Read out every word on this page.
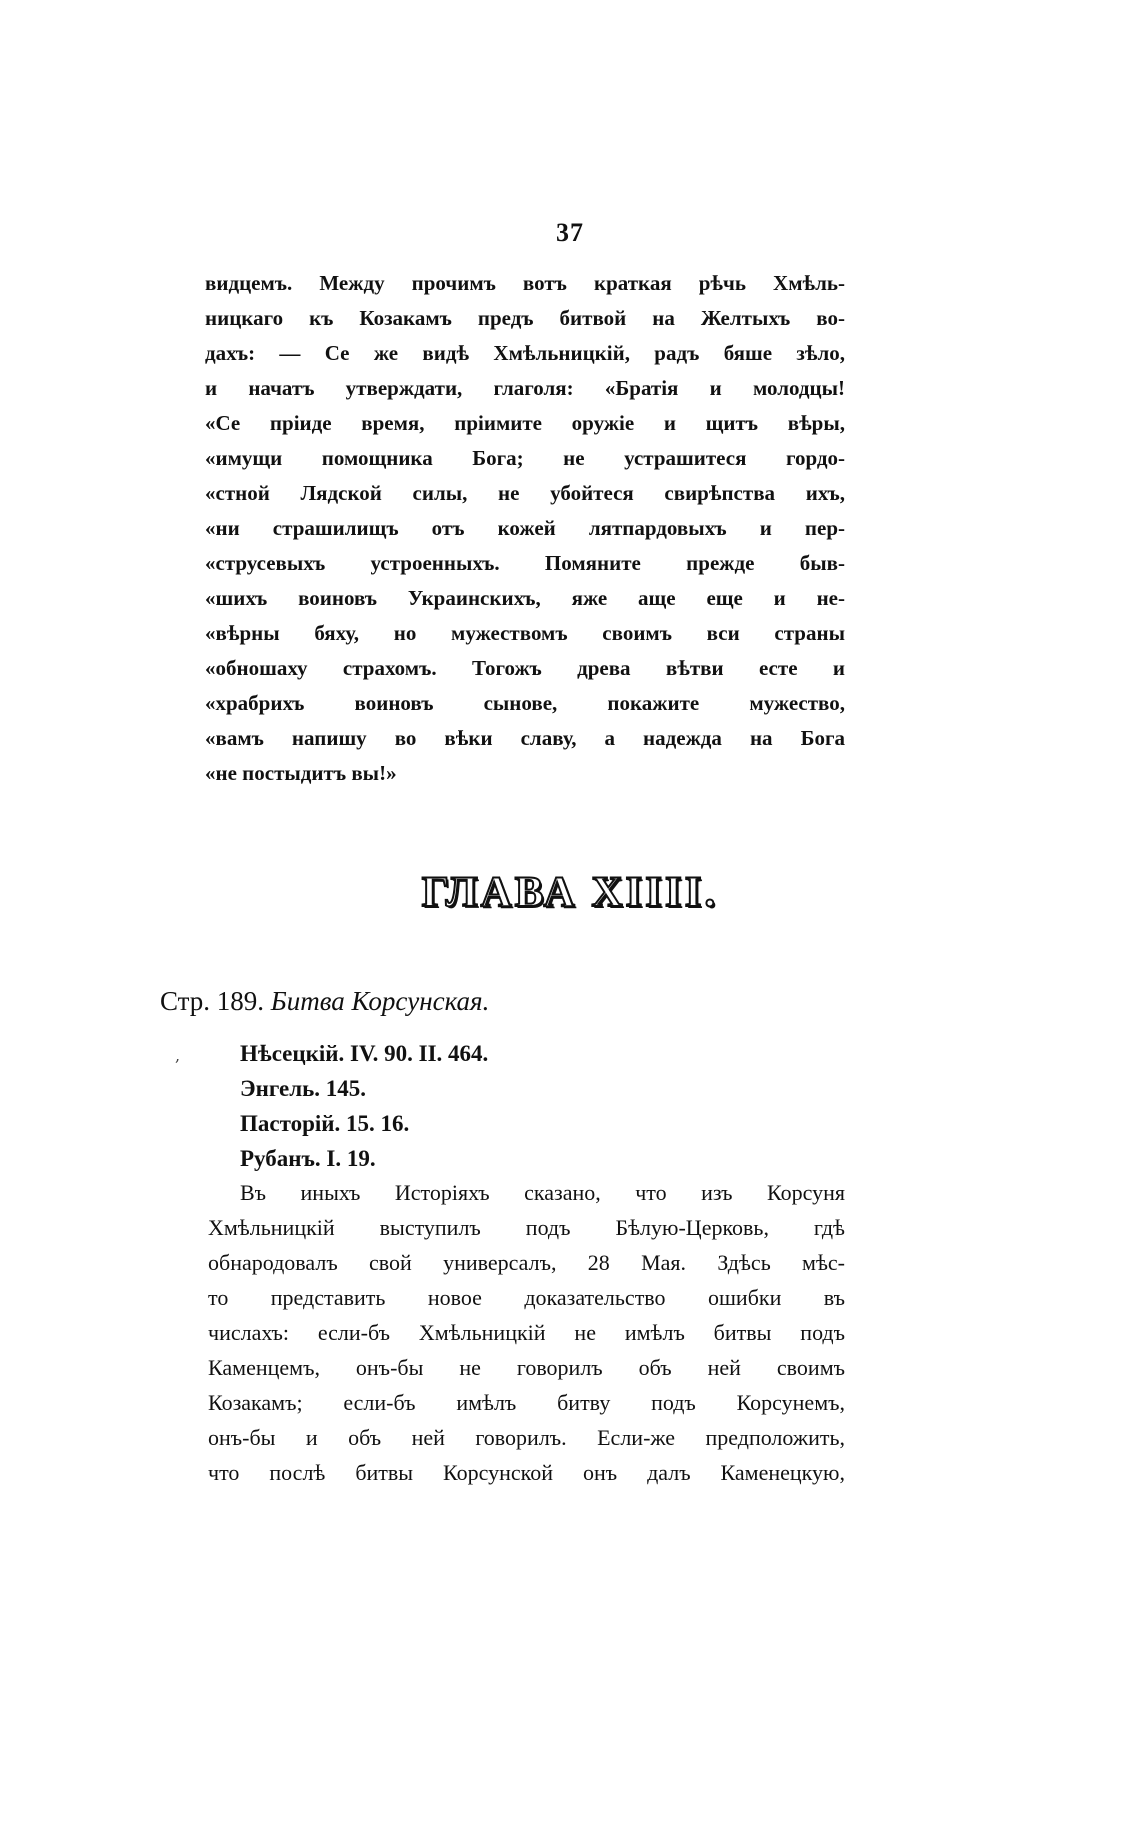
37
видцемъ. Между прочимъ вотъ краткая рѣчь Хмѣль-
ницкаго къ Козакамъ предъ битвой на Желтыхъ во-
дахъ: — Се же видѣ Хмѣльницкій, радъ бяше зѣло,
и начатъ утверждати, глаголя: «Братія и молодцы!
«Се пріиде время, пріимите оружіе и щитъ вѣры,
«имущи помощника Бога; не устрашитеся гордо-
«стной Лядской силы, не убойтеся свирѣпства ихъ,
«ни страшилищъ отъ кожей лятпардовыхъ и пер-
«струсевыхъ устроенныхъ. Помяните прежде быв-
«шихъ воиновъ Украинскихъ, яже аще еще и не-
«вѣрны бяху, но мужествомъ своимъ вси страны
«обношаху страхомъ. Тогожъ древа вѣтви есте и
«храбрихъ воиновъ сынове, покажите мужество,
«вамъ напишу во вѣки славу, а надежда на Бога
«не постыдитъ вы!»
ГЛАВА XIIII.
Стр. 189. Битва Корсунская.
,	Нѣсецкій. IV. 90. II. 464.
Энгель. 145.
Пасторій. 15. 16.
Рубанъ. I. 19.
Въ иныхъ Исторіяхъ сказано, что изъ Корсуня
Хмѣльницкій выступилъ подъ Бѣлую-Церковь, гдѣ
обнародовалъ свой универсалъ, 28 Мая. Здѣсь мѣс-
то представить новое доказательство ошибки въ
числахъ: если-бъ Хмѣльницкій не имѣлъ битвы подъ
Каменцемъ, онъ-бы не говорилъ объ ней своимъ
Козакамъ; если-бъ имѣлъ битву подъ Корсунемъ,
онъ-бы и объ ней говорилъ. Если-же предположить,
что послѣ битвы Корсунской онъ далъ Каменецкую,
